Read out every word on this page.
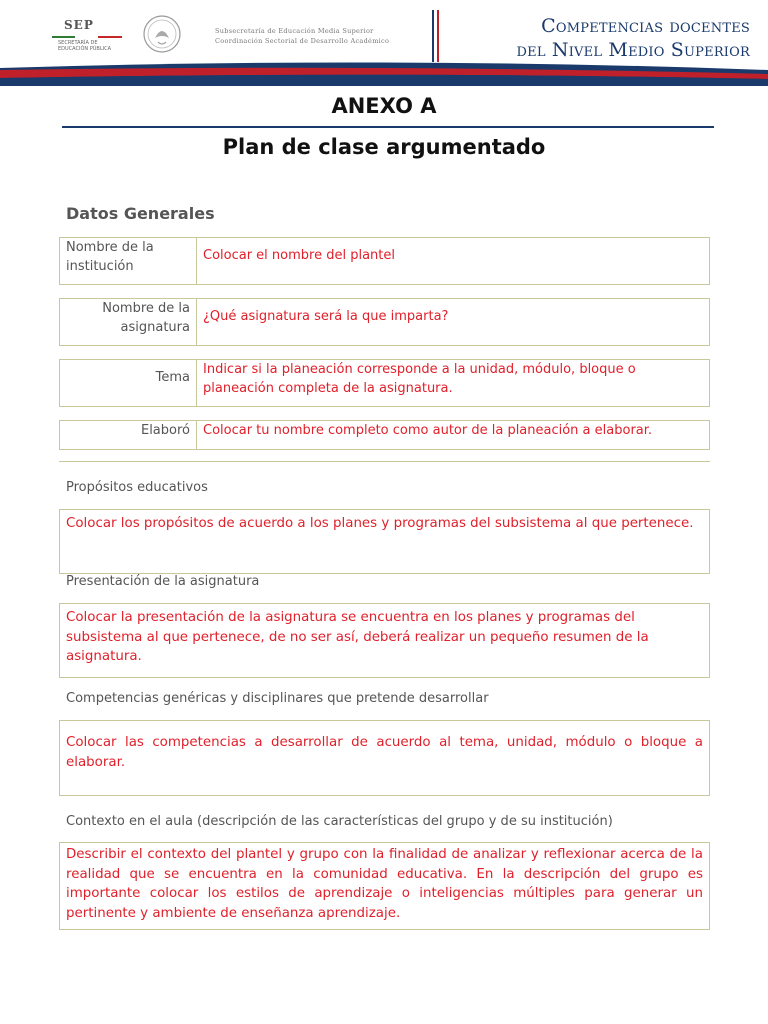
SEP
SECRETARÍA DE EDUCACIÓN PÚBLICA
Subsecretaría de Educación Media Superior
Coordinación Sectorial de Desarrollo Académico
Competencias docentes
del Nivel Medio Superior
ANEXO A
Plan de clase argumentado
Datos Generales
Nombre de la institución
Colocar el nombre del plantel
Nombre de la asignatura
¿Qué asignatura será la que imparta?
Tema
Indicar si la planeación corresponde a la unidad, módulo, bloque o planeación completa de la asignatura.
Elaboró	Colocar tu nombre completo como autor de la planeación a elaborar.
Propósitos educativos
Colocar los propósitos de acuerdo a los planes y programas del subsistema al que pertenece.
Presentación de la asignatura
Colocar la presentación de la asignatura se encuentra en los planes y programas del subsistema al que pertenece, de no ser así, deberá realizar un pequeño resumen de la asignatura.
Competencias genéricas y disciplinares que pretende desarrollar
Colocar las competencias a desarrollar de acuerdo al tema, unidad, módulo o bloque a elaborar.
Contexto en el aula (descripción de las características del grupo y de su institución)
Describir el contexto del plantel y grupo con la finalidad de analizar y reflexionar acerca de la realidad que se encuentra en la comunidad educativa. En la descripción del grupo es importante colocar los estilos de aprendizaje o inteligencias múltiples para generar un pertinente y ambiente de enseñanza aprendizaje.
